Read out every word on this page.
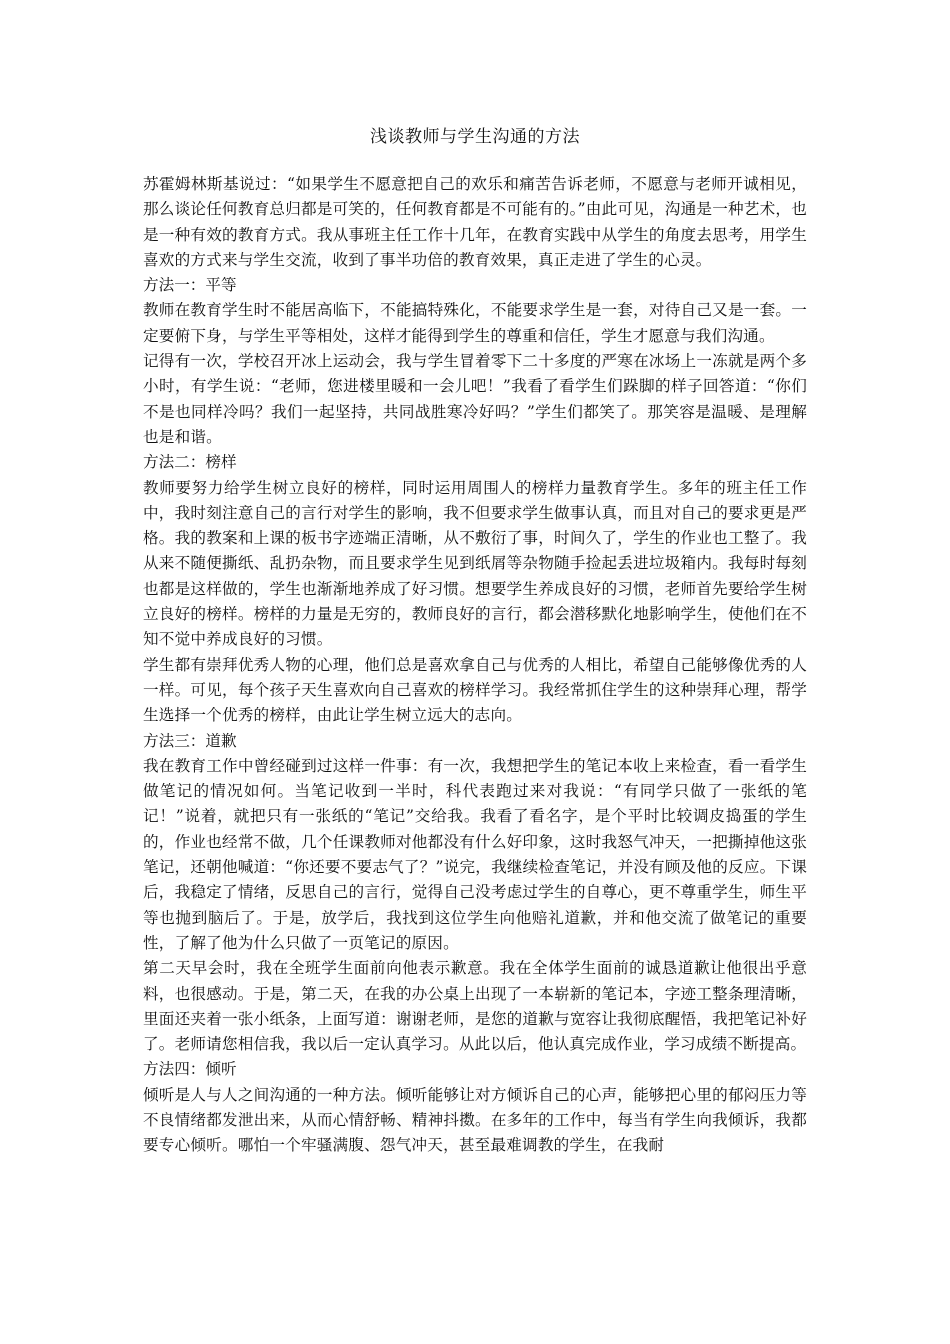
浅谈教师与学生沟通的方法

苏霍姆林斯基说过：“如果学生不愿意把自己的欢乐和痛苦告诉老师，不愿意与老师开诚相见，那么谈论任何教育总归都是可笑的，任何教育都是不可能有的。”由此可见，沟通是一种艺术，也是一种有效的教育方式。我从事班主任工作十几年，在教育实践中从学生的角度去思考，用学生喜欢的方式来与学生交流，收到了事半功倍的教育效果，真正走进了学生的心灵。

方法一：平等

教师在教育学生时不能居高临下，不能搞特殊化，不能要求学生是一套，对待自己又是一套。一定要俯下身，与学生平等相处，这样才能得到学生的尊重和信任，学生才愿意与我们沟通。

记得有一次，学校召开冰上运动会，我与学生冒着零下二十多度的严寒在冰场上一冻就是两个多小时，有学生说：“老师，您进楼里暖和一会儿吧！”我看了看学生们跺脚的样子回答道：“你们不是也同样冷吗？我们一起坚持，共同战胜寒冷好吗？”学生们都笑了。那笑容是温暖、是理解也是和谐。

方法二：榜样

教师要努力给学生树立良好的榜样，同时运用周围人的榜样力量教育学生。多年的班主任工作中，我时刻注意自己的言行对学生的影响，我不但要求学生做事认真，而且对自己的要求更是严格。我的教案和上课的板书字迹端正清晰，从不敷衍了事，时间久了，学生的作业也工整了。我从来不随便撕纸、乱扔杂物，而且要求学生见到纸屑等杂物随手捡起丢进垃圾箱内。我每时每刻也都是这样做的，学生也渐渐地养成了好习惯。想要学生养成良好的习惯，老师首先要给学生树立良好的榜样。榜样的力量是无穷的，教师良好的言行，都会潜移默化地影响学生，使他们在不知不觉中养成良好的习惯。

学生都有崇拜优秀人物的心理，他们总是喜欢拿自己与优秀的人相比，希望自己能够像优秀的人一样。可见，每个孩子天生喜欢向自己喜欢的榜样学习。我经常抓住学生的这种崇拜心理，帮学生选择一个优秀的榜样，由此让学生树立远大的志向。

方法三：道歉

我在教育工作中曾经碰到过这样一件事：有一次，我想把学生的笔记本收上来检查，看一看学生做笔记的情况如何。当笔记收到一半时，科代表跑过来对我说：“有同学只做了一张纸的笔记！”说着，就把只有一张纸的“笔记”交给我。我看了看名字，是个平时比较调皮捣蛋的学生的，作业也经常不做，几个任课教师对他都没有什么好印象，这时我怒气冲天，一把撕掉他这张笔记，还朝他喊道：“你还要不要志气了？”说完，我继续检查笔记，并没有顾及他的反应。下课后，我稳定了情绪，反思自己的言行，觉得自己没考虑过学生的自尊心，更不尊重学生，师生平等也抛到脑后了。于是，放学后，我找到这位学生向他赔礼道歉，并和他交流了做笔记的重要性，了解了他为什么只做了一页笔记的原因。

第二天早会时，我在全班学生面前向他表示歉意。我在全体学生面前的诚恳道歉让他很出乎意料，也很感动。于是，第二天，在我的办公桌上出现了一本崭新的笔记本，字迹工整条理清晰，里面还夹着一张小纸条，上面写道：谢谢老师，是您的道歉与宽容让我彻底醒悟，我把笔记补好了。老师请您相信我，我以后一定认真学习。从此以后，他认真完成作业，学习成绩不断提高。

方法四：倾听

倾听是人与人之间沟通的一种方法。倾听能够让对方倾诉自己的心声，能够把心里的郁闷压力等不良情绪都发泄出来，从而心情舒畅、精神抖擞。在多年的工作中，每当有学生向我倾诉，我都要专心倾听。哪怕一个牢骚满腹、怨气冲天，甚至最难调教的学生，在我耐
